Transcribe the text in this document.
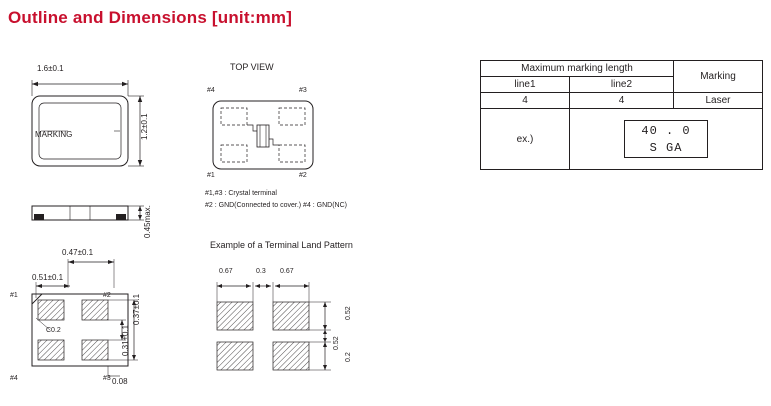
Outline and Dimensions [unit:mm]
1.6±0.1
MARKING	1.2±0.1
0.45max.
0.47±0.1
0.51±0.1
#1	#2
#4	#3
C0.2
0.37±0.1
0.31±0.1
0.08
TOP VIEW
#4	#3
#1	#2
#1,#3 : Crystal terminal
#2 : GND(Connected to cover.) #4 : GND(NC)
Example of a Terminal Land Pattern
0.67	0.3 0.67
0.52
0.52
0.2
Maximum marking length		Marking
line1	line2	
4	4	Laser
ex.)	40 . 0
S GA	
